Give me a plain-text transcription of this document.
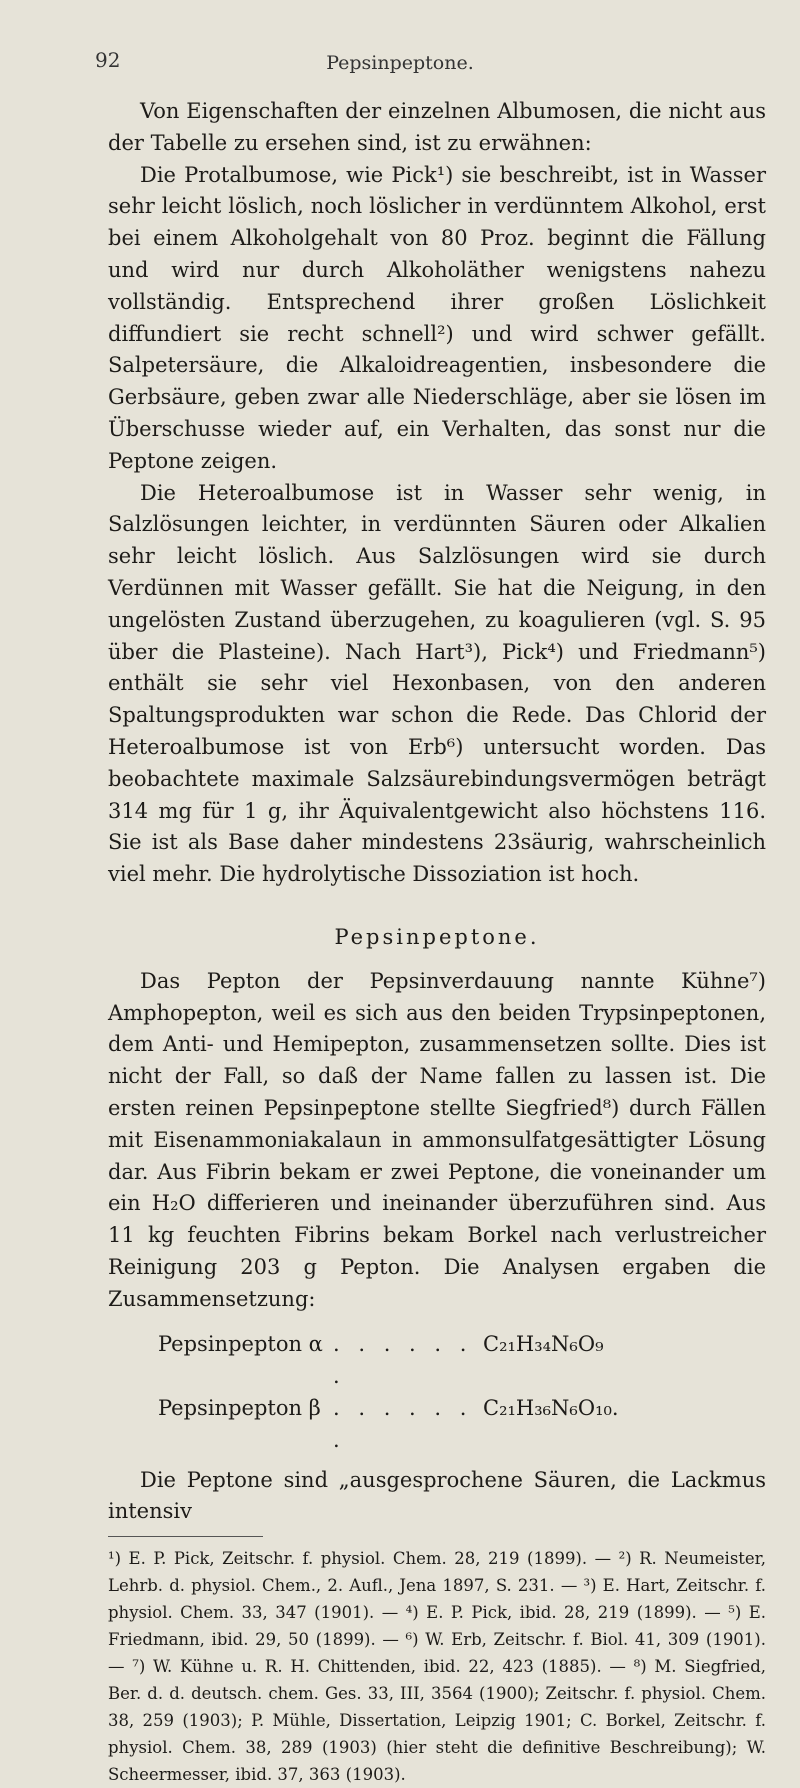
92	Pepsinpeptone.

Von Eigenschaften der einzelnen Albumosen, die nicht aus der Tabelle zu ersehen sind, ist zu erwähnen:

Die Protalbumose, wie Pick¹) sie beschreibt, ist in Wasser sehr leicht löslich, noch löslicher in verdünntem Alkohol, erst bei einem Alkoholgehalt von 80 Proz. beginnt die Fällung und wird nur durch Alkoholäther wenigstens nahezu vollständig. Entsprechend ihrer großen Löslichkeit diffundiert sie recht schnell²) und wird schwer gefällt. Salpetersäure, die Alkaloidreagentien, insbesondere die Gerbsäure, geben zwar alle Niederschläge, aber sie lösen im Überschusse wieder auf, ein Verhalten, das sonst nur die Peptone zeigen.

Die Heteroalbumose ist in Wasser sehr wenig, in Salzlösungen leichter, in verdünnten Säuren oder Alkalien sehr leicht löslich. Aus Salzlösungen wird sie durch Verdünnen mit Wasser gefällt. Sie hat die Neigung, in den ungelösten Zustand überzugehen, zu koagulieren (vgl. S. 95 über die Plasteine). Nach Hart³), Pick⁴) und Friedmann⁵) enthält sie sehr viel Hexonbasen, von den anderen Spaltungsprodukten war schon die Rede. Das Chlorid der Heteroalbumose ist von Erb⁶) untersucht worden. Das beobachtete maximale Salzsäurebindungsvermögen beträgt 314 mg für 1 g, ihr Äquivalentgewicht also höchstens 116. Sie ist als Base daher mindestens 23säurig, wahrscheinlich viel mehr. Die hydrolytische Dissoziation ist hoch.

Pepsinpeptone.

Das Pepton der Pepsinverdauung nannte Kühne⁷) Amphopepton, weil es sich aus den beiden Trypsinpeptonen, dem Anti- und Hemipepton, zusammensetzen sollte. Dies ist nicht der Fall, so daß der Name fallen zu lassen ist. Die ersten reinen Pepsinpeptone stellte Siegfried⁸) durch Fällen mit Eisenammoniakalaun in ammonsulfatgesättigter Lösung dar. Aus Fibrin bekam er zwei Peptone, die voneinander um ein H₂O differieren und ineinander überzuführen sind. Aus 11 kg feuchten Fibrins bekam Borkel nach verlustreicher Reinigung 203 g Pepton. Die Analysen ergaben die Zusammensetzung:

Pepsinpepton α . . . . . . .
C₂₁H₃₄N₆O₉
Pepsinpepton β . . . . . . .
C₂₁H₃₆N₆O₁₀.

Die Peptone sind „ausgesprochene Säuren, die Lackmus intensiv

¹) E. P. Pick, Zeitschr. f. physiol. Chem. 28, 219 (1899). — ²) R. Neumeister, Lehrb. d. physiol. Chem., 2. Aufl., Jena 1897, S. 231. — ³) E. Hart, Zeitschr. f. physiol. Chem. 33, 347 (1901). — ⁴) E. P. Pick, ibid. 28, 219 (1899). — ⁵) E. Friedmann, ibid. 29, 50 (1899). — ⁶) W. Erb, Zeitschr. f. Biol. 41, 309 (1901). — ⁷) W. Kühne u. R. H. Chittenden, ibid. 22, 423 (1885). — ⁸) M. Siegfried, Ber. d. d. deutsch. chem. Ges. 33, III, 3564 (1900); Zeitschr. f. physiol. Chem. 38, 259 (1903); P. Mühle, Dissertation, Leipzig 1901; C. Borkel, Zeitschr. f. physiol. Chem. 38, 289 (1903) (hier steht die definitive Beschreibung); W. Scheermesser, ibid. 37, 363 (1903).
